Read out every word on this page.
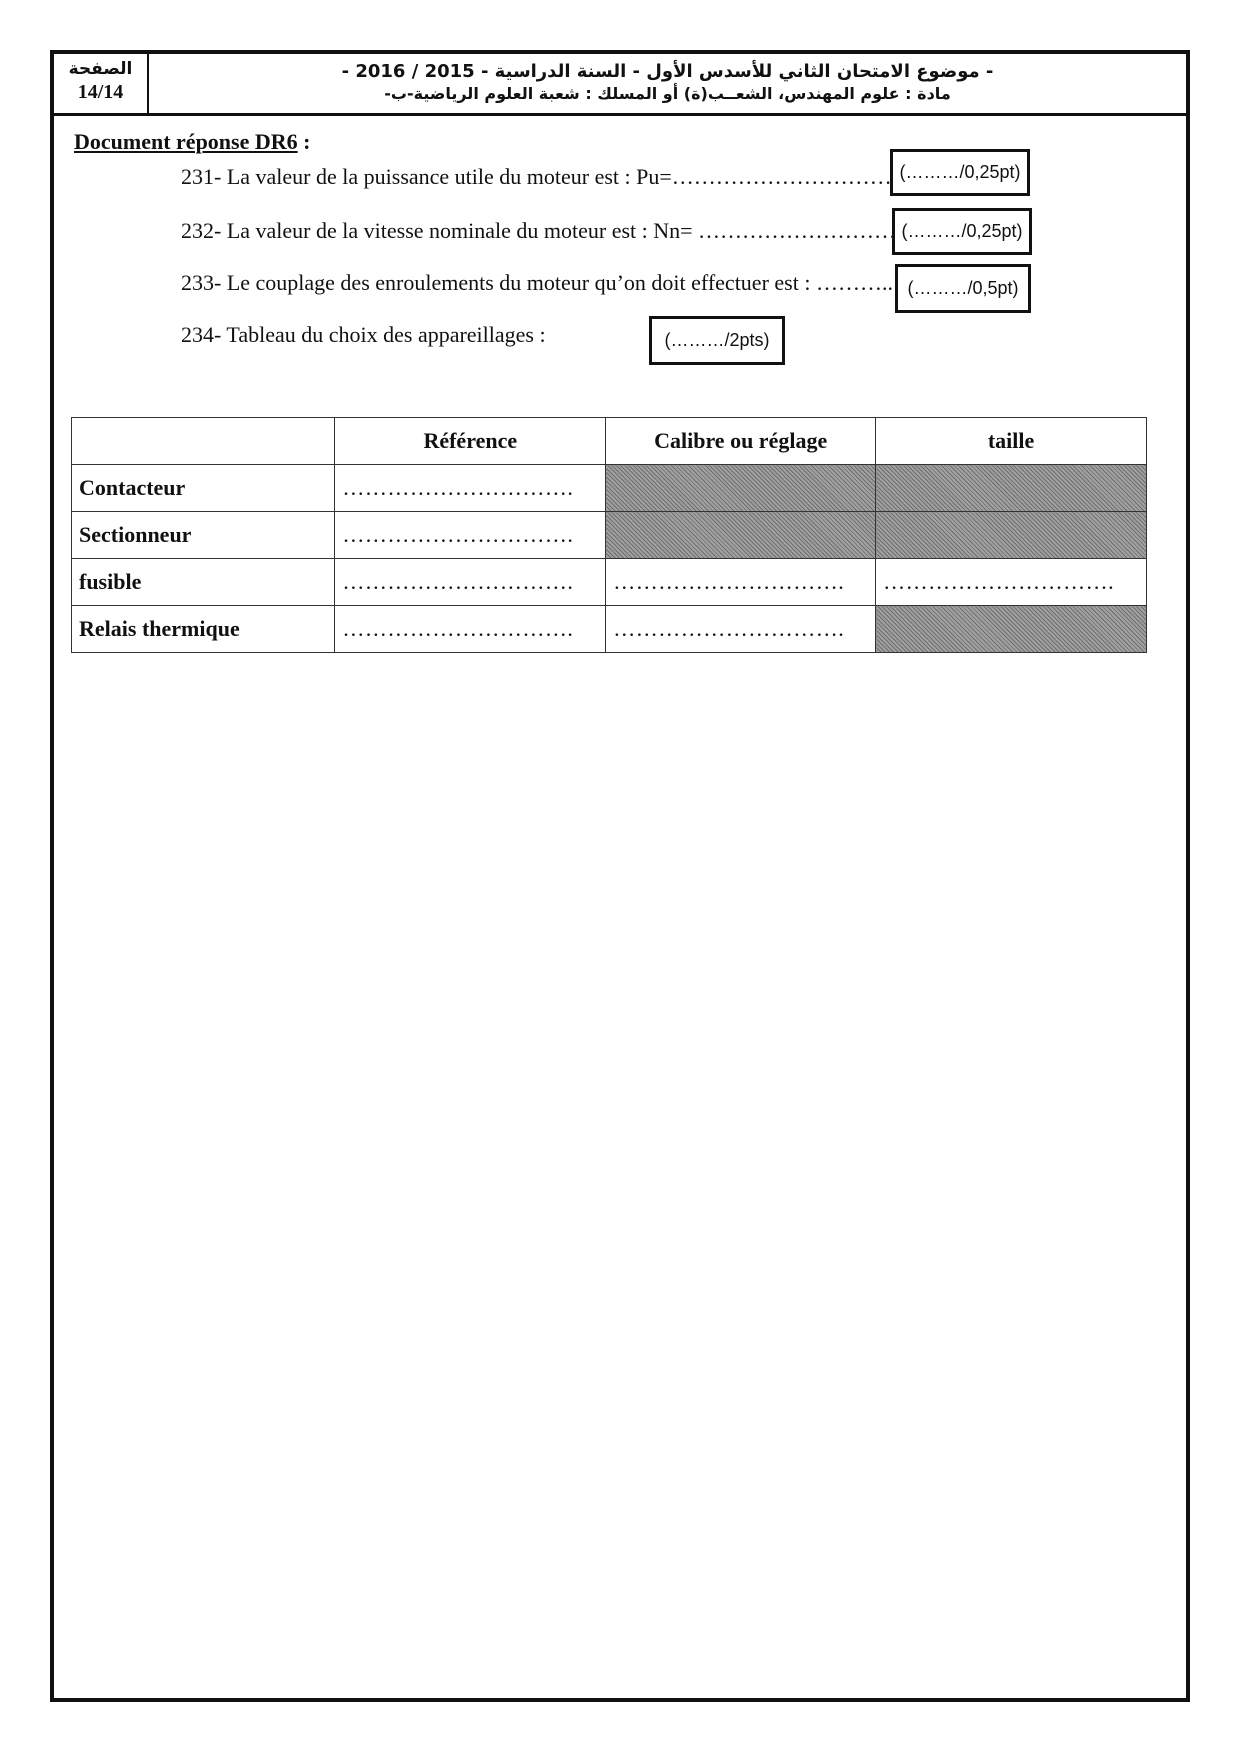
الصفحة
14/14
- موضوع الامتحان الثاني للأسدس الأول - السنة الدراسية - 2015 / 2016 -
مادة : علوم المهندس، الشعــب(ة) أو المسلك : شعبة العلوم الرياضية-ب-
Document réponse DR6 :
231- La valeur de la puissance utile du moteur est : Pu=………………………… (………/0,25pt)
232- La valeur de la vitesse nominale du moteur est : Nn= ……………………… (………/0,25pt)
233- Le couplage des enroulements du moteur qu’on doit effectuer est : ……….. (………/0,5pt)
234- Tableau du choix des appareillages :	(………/2pts)
	Référence	Calibre ou réglage	taille
Contacteur	………………………….		
Sectionneur	………………………….		
fusible	………………………….	………………………….	………………………….
Relais thermique	………………………….	………………………….	
